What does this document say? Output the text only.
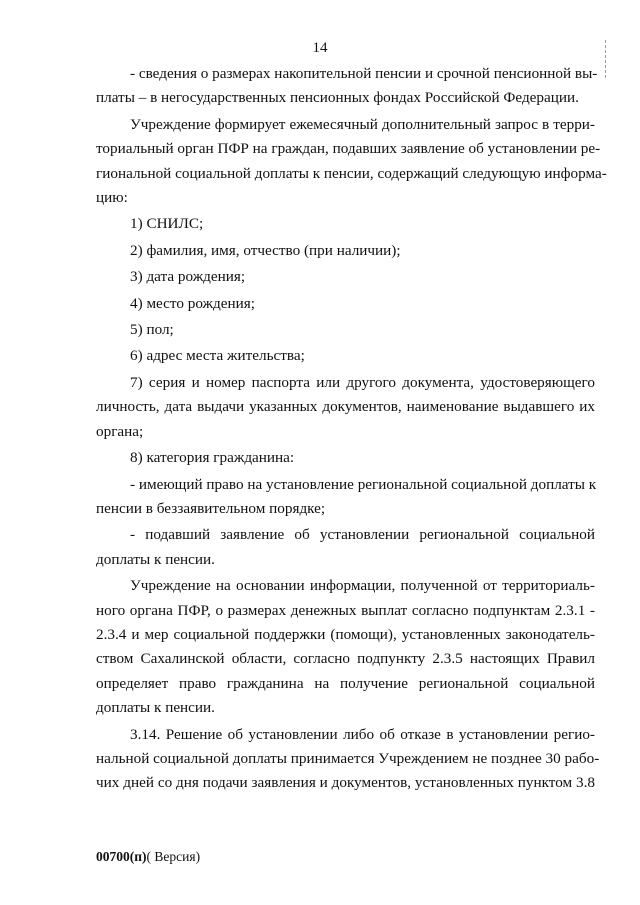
14
- сведения о размерах накопительной пенсии и срочной пенсионной вы-
платы – в негосударственных пенсионных фондах Российской Федерации.
Учреждение формирует ежемесячный дополнительный запрос в терри-
ториальный орган ПФР на граждан, подавших заявление об установлении ре-
гиональной социальной доплаты к пенсии, содержащий следующую информа-
цию:
1) СНИЛС;
2) фамилия, имя, отчество (при наличии);
3) дата рождения;
4) место рождения;
5) пол;
6) адрес места жительства;
7) серия и номер паспорта или другого документа, удостоверяющего
личность, дата выдачи указанных документов, наименование выдавшего их
органа;
8) категория гражданина:
- имеющий право на установление региональной социальной доплаты к
пенсии в беззаявительном порядке;
- подавший заявление об установлении региональной социальной
доплаты к пенсии.
Учреждение на основании информации, полученной от территориаль-
ного органа ПФР, о размерах денежных выплат согласно подпунктам 2.3.1 -
2.3.4 и мер социальной поддержки (помощи), установленных законодатель-
ством Сахалинской области, согласно подпункту 2.3.5 настоящих Правил
определяет право гражданина на получение региональной социальной
доплаты к пенсии.
3.14. Решение об установлении либо об отказе в установлении регио-
нальной социальной доплаты принимается Учреждением не позднее 30 рабо-
чих дней со дня подачи заявления и документов, установленных пунктом 3.8
00700(п)( Версия)
